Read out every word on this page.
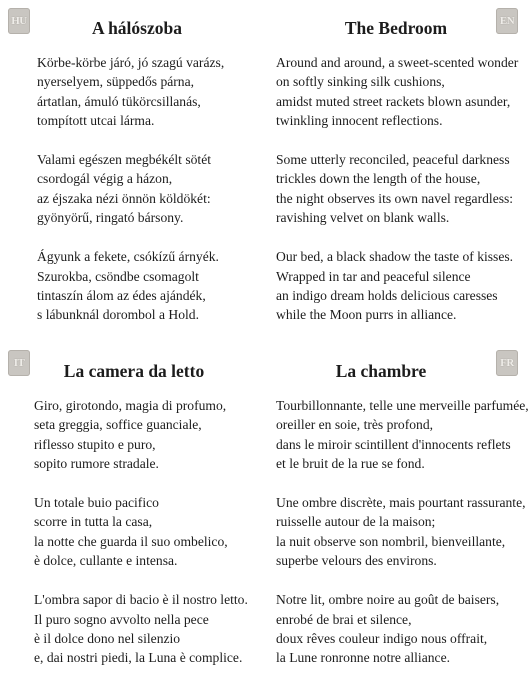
HU	EN
IT	FR
A hálószoba
Körbe-körbe járó, jó szagú varázs,
nyerselyem, süppedős párna,
ártatlan, ámuló tükörcsillanás,
tompított utcai lárma.
Valami egészen megbékélt sötét
csordogál végig a házon,
az éjszaka nézi önnön köldökét:
gyönyörű, ringató bársony.
Ágyunk a fekete, csókízű árnyék.
Szurokba, csöndbe csomagolt
tintaszín álom az édes ajándék,
s lábunknál dorombol a Hold.
The Bedroom
Around and around, a sweet-scented wonder
on softly sinking silk cushions,
amidst muted street rackets blown asunder,
twinkling innocent reflections.
Some utterly reconciled, peaceful darkness
trickles down the length of the house,
the night observes its own navel regardless:
ravishing velvet on blank walls.
Our bed, a black shadow the taste of kisses.
Wrapped in tar and peaceful silence
an indigo dream holds delicious caresses
while the Moon purrs in alliance.
La camera da letto
Giro, girotondo, magia di profumo,
seta greggia, soffice guanciale,
riflesso stupito e puro,
sopito rumore stradale.
Un totale buio pacifico
scorre in tutta la casa,
la notte che guarda il suo ombelico,
è dolce, cullante e intensa.
L'ombra sapor di bacio è il nostro letto.
Il puro sogno avvolto nella pece
è il dolce dono nel silenzio
e, dai nostri piedi, la Luna è complice.
La chambre
Tourbillonnante, telle une merveille parfumée,
oreiller en soie, très profond,
dans le miroir scintillent d'innocents reflets
et le bruit de la rue se fond.
Une ombre discrète, mais pourtant rassurante,
ruisselle autour de la maison;
la nuit observe son nombril, bienveillante,
superbe velours des environs.
Notre lit, ombre noire au goût de baisers,
enrobé de brai et silence,
doux rêves couleur indigo nous offrait,
la Lune ronronne notre alliance.
